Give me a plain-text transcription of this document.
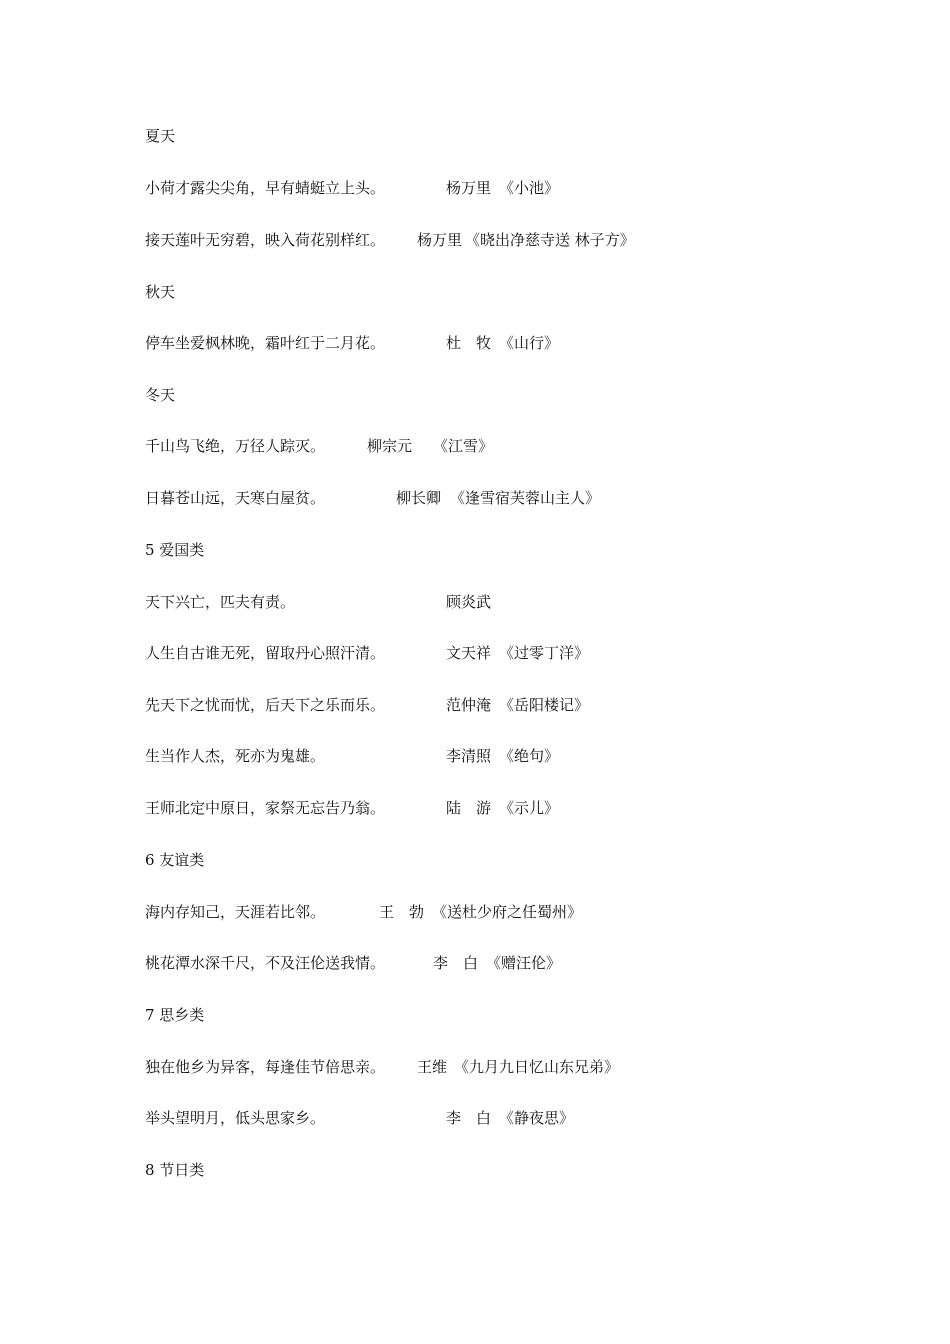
夏天
小荷才露尖尖角，早有蜻蜓立上头。	杨万里 《小池》
接天莲叶无穷碧，映入荷花别样红。 杨万里 《晓出净慈寺送 林子方》
秋天
停车坐爱枫林晚，霜叶红于二月花。	杜　牧 《山行》
冬天
千山鸟飞绝，万径人踪灭。	柳宗元 《江雪》
日暮苍山远，天寒白屋贫。	柳长卿 《逢雪宿芙蓉山主人》
5 爱国类
天下兴亡，匹夫有责。	顾炎武
人生自古谁无死，留取丹心照汗清。	文天祥 《过零丁洋》
先天下之忧而忧，后天下之乐而乐。	范仲淹 《岳阳楼记》
生当作人杰，死亦为鬼雄。	李清照 《绝句》
王师北定中原日，家祭无忘告乃翁。	陆　游 《示儿》
6 友谊类
海内存知己，天涯若比邻。	王　勃 《送杜少府之任蜀州》
桃花潭水深千尺，不及汪伦送我情。	李　白 《赠汪伦》
7 思乡类
独在他乡为异客，每逢佳节倍思亲。 王维 《九月九日忆山东兄弟》
举头望明月，低头思家乡。	李　白 《静夜思》
8 节日类
